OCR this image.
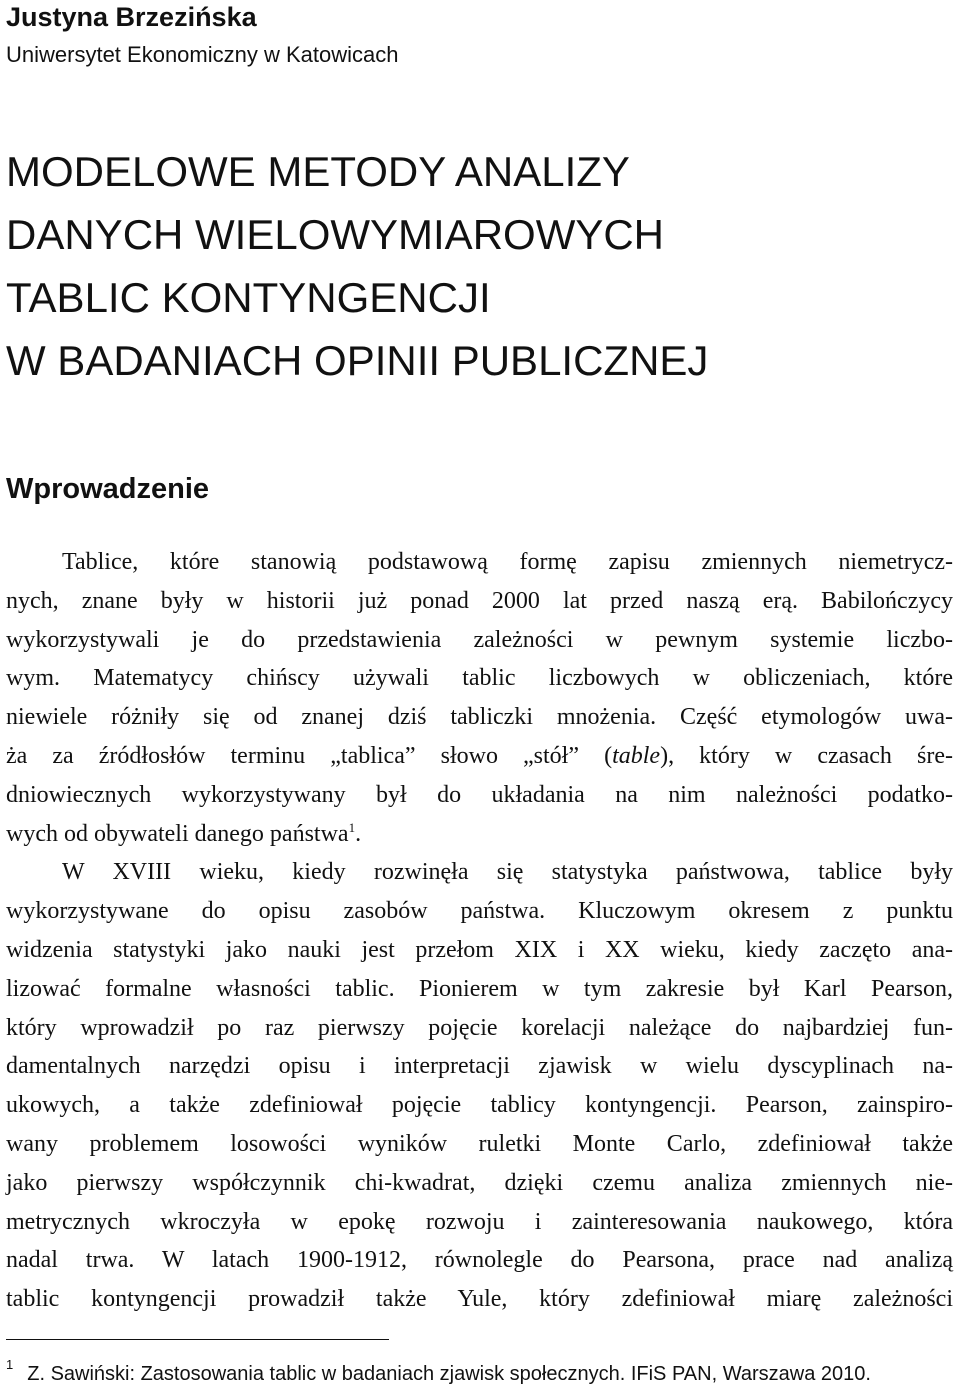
Justyna Brzezińska
Uniwersytet Ekonomiczny w Katowicach
MODELOWE METODY ANALIZY
DANYCH WIELOWYMIAROWYCH
TABLIC KONTYNGENCJI
W BADANIACH OPINII PUBLICZNEJ
Wprowadzenie
Tablice, które stanowią podstawową formę zapisu zmiennych niemetrycz-
nych, znane były w historii już ponad 2000 lat przed naszą erą. Babilończycy
wykorzystywali je do przedstawienia zależności w pewnym systemie liczbo-
wym. Matematycy chińscy używali tablic liczbowych w obliczeniach, które
niewiele różniły się od znanej dziś tabliczki mnożenia. Część etymologów uwa-
ża za źródłosłów terminu „tablica” słowo „stół” (table), który w czasach śre-
dniowiecznych wykorzystywany był do układania na nim należności podatko-
wych od obywateli danego państwa$^1$.
W XVIII wieku, kiedy rozwinęła się statystyka państwowa, tablice były
wykorzystywane do opisu zasobów państwa. Kluczowym okresem z punktu
widzenia statystyki jako nauki jest przełom XIX i XX wieku, kiedy zaczęto ana-
lizować formalne własności tablic. Pionierem w tym zakresie był Karl Pearson,
który wprowadził po raz pierwszy pojęcie korelacji należące do najbardziej fun-
damentalnych narzędzi opisu i interpretacji zjawisk w wielu dyscyplinach na-
ukowych, a także zdefiniował pojęcie tablicy kontyngencji. Pearson, zainspiro-
wany problemem losowości wyników ruletki Monte Carlo, zdefiniował także
jako pierwszy współczynnik chi-kwadrat, dzięki czemu analiza zmiennych nie-
metrycznych wkroczyła w epokę rozwoju i zainteresowania naukowego, która
nadal trwa. W latach 1900-1912, równolegle do Pearsona, prace nad analizą
tablic kontyngencji prowadził także Yule, który zdefiniował miarę zależności
$^1$ Z. Sawiński: Zastosowania tablic w badaniach zjawisk społecznych. IFiS PAN, Warszawa 2010.
